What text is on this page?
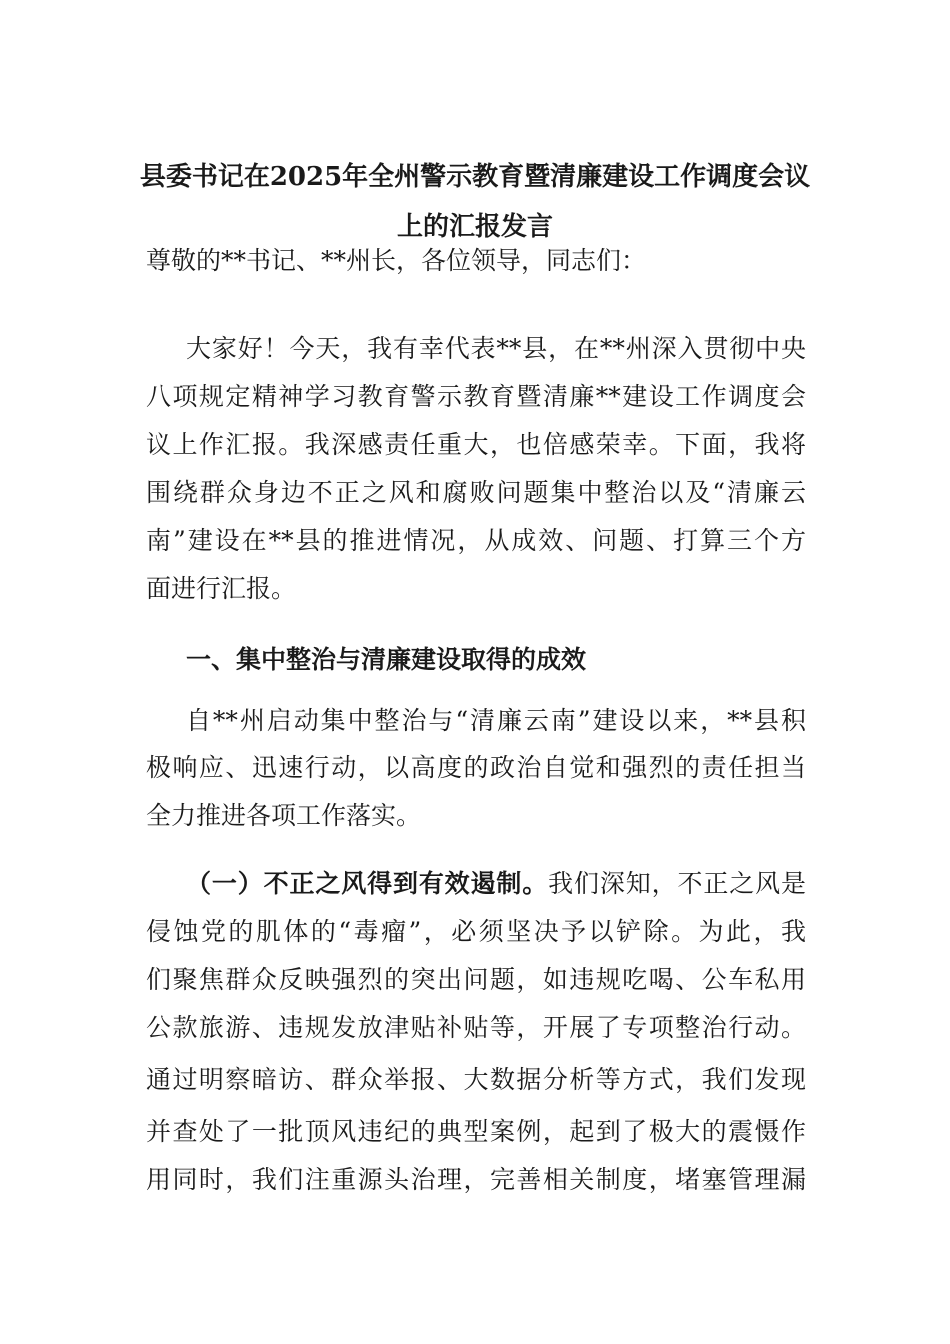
县委书记在2025年全州警示教育暨清廉建设工作调度会议
上的汇报发言
尊敬的**书记、**州长，各位领导，同志们：
大家好！今天，我有幸代表**县，在**州深入贯彻中央
八项规定精神学习教育警示教育暨清廉**建设工作调度会
议上作汇报。我深感责任重大，也倍感荣幸。下面，我将
围绕群众身边不正之风和腐败问题集中整治以及“清廉云
南”建设在**县的推进情况，从成效、问题、打算三个方
面进行汇报。
一、集中整治与清廉建设取得的成效
自**州启动集中整治与“清廉云南”建设以来，**县积
极响应、迅速行动，以高度的政治自觉和强烈的责任担当
全力推进各项工作落实。
（一）不正之风得到有效遏制。我们深知，不正之风是
侵蚀党的肌体的“毒瘤”，必须坚决予以铲除。为此，我
们聚焦群众反映强烈的突出问题，如违规吃喝、公车私用
公款旅游、违规发放津贴补贴等，开展了专项整治行动。
通过明察暗访、群众举报、大数据分析等方式，我们发现
并查处了一批顶风违纪的典型案例，起到了极大的震慑作
用同时，我们注重源头治理，完善相关制度，堵塞管理漏
